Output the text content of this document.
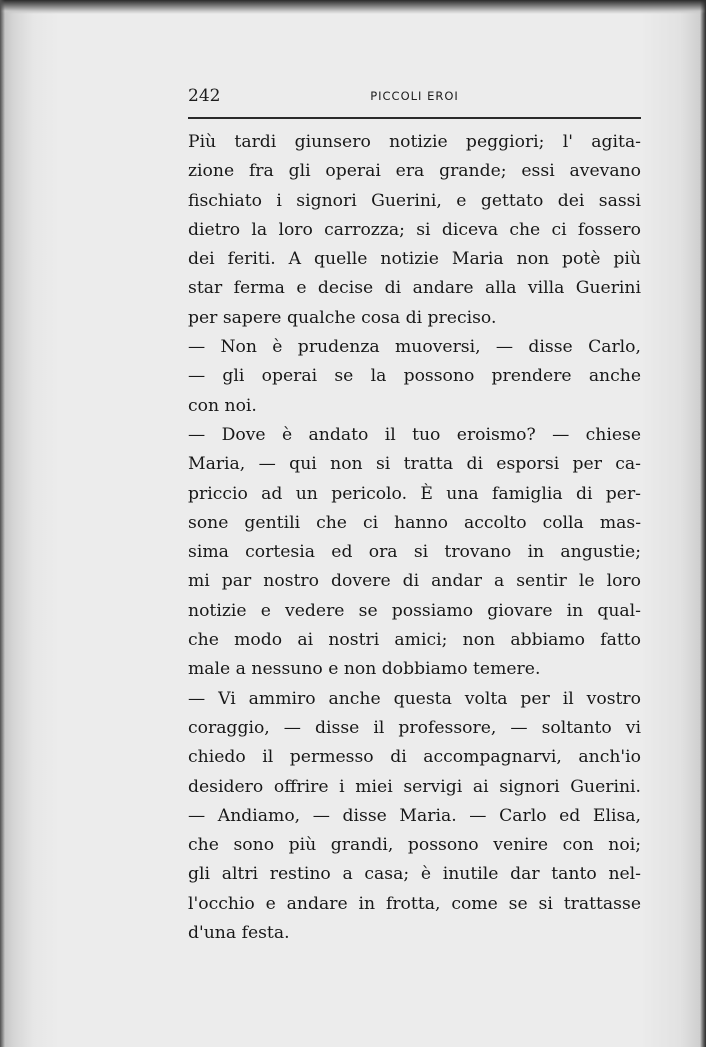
242	PICCOLI EROI
Più tardi giunsero notizie peggiori; l' agita-
zione fra gli operai era grande; essi avevano
fischiato i signori Guerini, e gettato dei sassi
dietro la loro carrozza; si diceva che ci fossero
dei feriti. A quelle notizie Maria non potè più
star ferma e decise di andare alla villa Guerini
per sapere qualche cosa di preciso.
— Non è prudenza muoversi, — disse Carlo,
— gli operai se la possono prendere anche
con noi.
— Dove è andato il tuo eroismo? — chiese
Maria, — qui non si tratta di esporsi per ca-
priccio ad un pericolo. È una famiglia di per-
sone gentili che ci hanno accolto colla mas-
sima cortesia ed ora si trovano in angustie;
mi par nostro dovere di andar a sentir le loro
notizie e vedere se possiamo giovare in qual-
che modo ai nostri amici; non abbiamo fatto
male a nessuno e non dobbiamo temere.
— Vi ammiro anche questa volta per il vostro
coraggio, — disse il professore, — soltanto vi
chiedo il permesso di accompagnarvi, anch'io
desidero offrire i miei servigi ai signori Guerini.
— Andiamo, — disse Maria. — Carlo ed Elisa,
che sono più grandi, possono venire con noi;
gli altri restino a casa; è inutile dar tanto nel-
l'occhio e andare in frotta, come se si trattasse
d'una festa.
